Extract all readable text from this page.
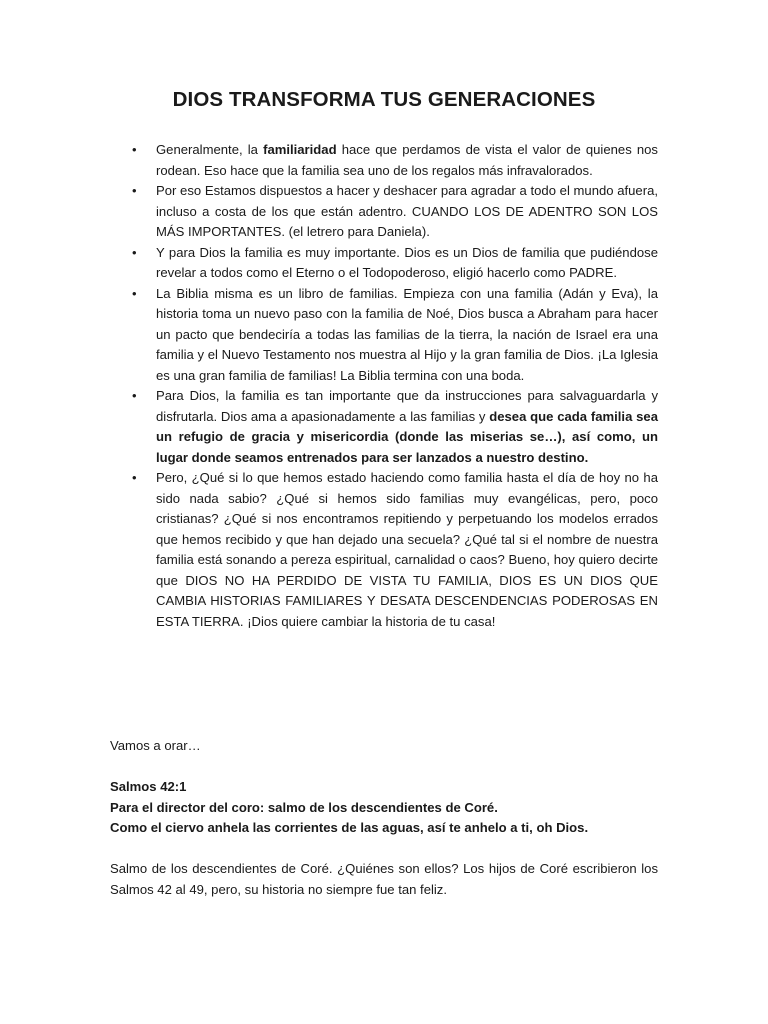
DIOS TRANSFORMA TUS GENERACIONES
• Generalmente, la familiaridad hace que perdamos de vista el valor de quienes nos rodean. Eso hace que la familia sea uno de los regalos más infravalorados.
• Por eso Estamos dispuestos a hacer y deshacer para agradar a todo el mundo afuera, incluso a costa de los que están adentro. CUANDO LOS DE ADENTRO SON LOS MÁS IMPORTANTES. (el letrero para Daniela).
• Y para Dios la familia es muy importante. Dios es un Dios de familia que pudiéndose revelar a todos como el Eterno o el Todopoderoso, eligió hacerlo como PADRE.
• La Biblia misma es un libro de familias. Empieza con una familia (Adán y Eva), la historia toma un nuevo paso con la familia de Noé, Dios busca a Abraham para hacer un pacto que bendeciría a todas las familias de la tierra, la nación de Israel era una familia y el Nuevo Testamento nos muestra al Hijo y la gran familia de Dios. ¡La Iglesia es una gran familia de familias! La Biblia termina con una boda.
• Para Dios, la familia es tan importante que da instrucciones para salvaguardarla y disfrutarla. Dios ama a apasionadamente a las familias y desea que cada familia sea un refugio de gracia y misericordia (donde las miserias se…), así como, un lugar donde seamos entrenados para ser lanzados a nuestro destino.
• Pero, ¿Qué si lo que hemos estado haciendo como familia hasta el día de hoy no ha sido nada sabio? ¿Qué si hemos sido familias muy evangélicas, pero, poco cristianas? ¿Qué si nos encontramos repitiendo y perpetuando los modelos errados que hemos recibido y que han dejado una secuela? ¿Qué tal si el nombre de nuestra familia está sonando a pereza espiritual, carnalidad o caos? Bueno, hoy quiero decirte que DIOS NO HA PERDIDO DE VISTA TU FAMILIA, DIOS ES UN DIOS QUE CAMBIA HISTORIAS FAMILIARES Y DESATA DESCENDENCIAS PODEROSAS EN ESTA TIERRA. ¡Dios quiere cambiar la historia de tu casa!

Vamos a orar…

Salmos 42:1
Para el director del coro: salmo de los descendientes de Coré.
Como el ciervo anhela las corrientes de las aguas, así te anhelo a ti, oh Dios.

Salmo de los descendientes de Coré. ¿Quiénes son ellos? Los hijos de Coré escribieron los Salmos 42 al 49, pero, su historia no siempre fue tan feliz.
